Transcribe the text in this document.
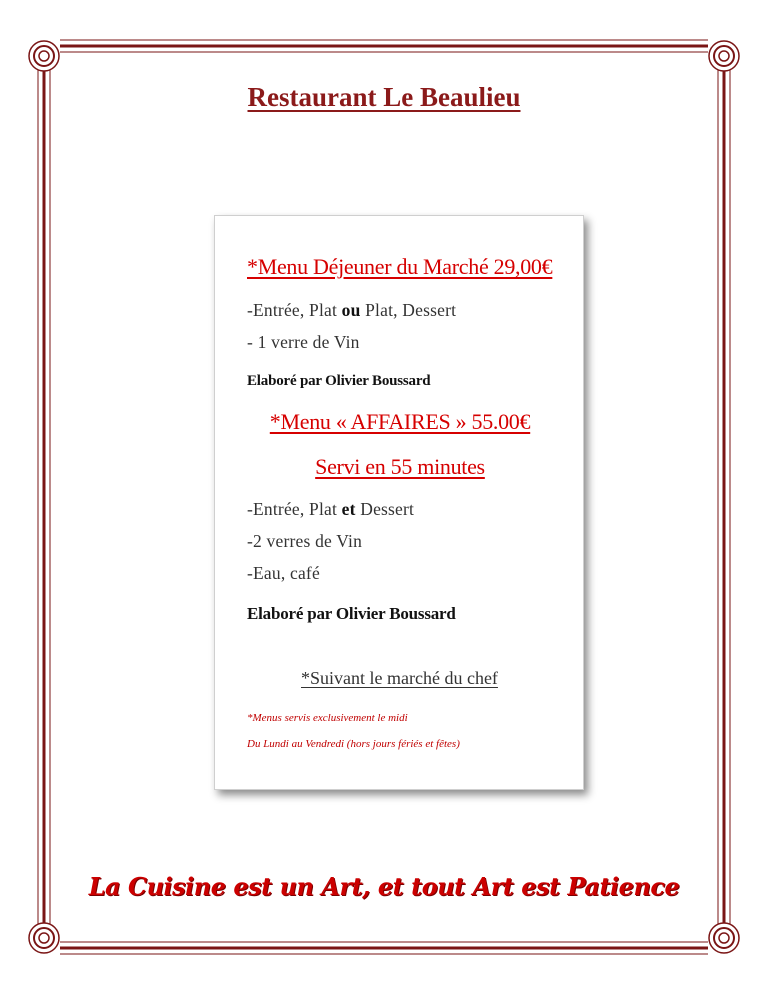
Restaurant Le Beaulieu
*Menu Déjeuner du Marché 29,00€
-Entrée, Plat ou Plat, Dessert
- 1 verre de Vin
Elaboré par Olivier Boussard
*Menu « AFFAIRES » 55.00€
Servi en 55 minutes
-Entrée, Plat et Dessert
-2 verres de Vin
-Eau, café
Elaboré par Olivier Boussard
*Suivant le marché du chef
*Menus servis exclusivement le midi
Du Lundi au Vendredi (hors jours fériés et fêtes)
La Cuisine est un Art, et tout Art est Patience
